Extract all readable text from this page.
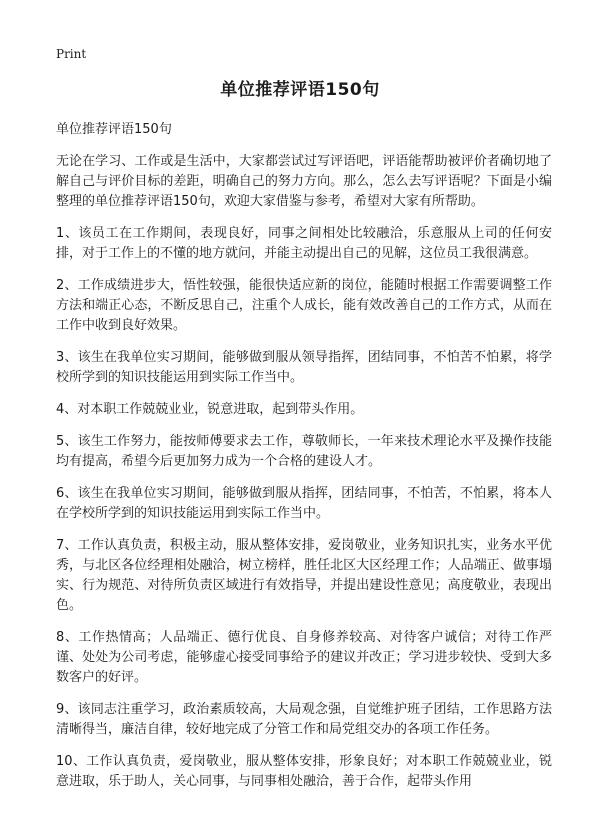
Print
单位推荐评语150句

单位推荐评语150句

无论在学习、工作或是生活中，大家都尝试过写评语吧，评语能帮助被评价者确切地了解自己与评价目标的差距，明确自己的努力方向。那么，怎么去写评语呢？下面是小编整理的单位推荐评语150句，欢迎大家借鉴与参考，希望对大家有所帮助。

1、该员工在工作期间，表现良好，同事之间相处比较融洽，乐意服从上司的任何安排，对于工作上的不懂的地方就问，并能主动提出自己的见解，这位员工我很满意。

2、工作成绩进步大，悟性较强，能很快适应新的岗位，能随时根据工作需要调整工作方法和端正心态，不断反思自己，注重个人成长，能有效改善自己的工作方式，从而在工作中收到良好效果。

3、该生在我单位实习期间，能够做到服从领导指挥，团结同事，不怕苦不怕累，将学校所学到的知识技能运用到实际工作当中。

4、对本职工作兢兢业业，锐意进取，起到带头作用。

5、该生工作努力，能按师傅要求去工作，尊敬师长，一年来技术理论水平及操作技能均有提高，希望今后更加努力成为一个合格的建设人才。

6、该生在我单位实习期间，能够做到服从指挥，团结同事，不怕苦，不怕累，将本人在学校所学到的知识技能运用到实际工作当中。

7、工作认真负责，积极主动，服从整体安排，爱岗敬业，业务知识扎实，业务水平优秀，与北区各位经理相处融洽，树立榜样，胜任北区大区经理工作；人品端正、做事塌实、行为规范、对待所负责区域进行有效指导，并提出建设性意见；高度敬业，表现出色。

8、工作热情高；人品端正、德行优良、自身修养较高、对待客户诚信；对待工作严谨、处处为公司考虑，能够虚心接受同事给予的建议并改正；学习进步较快、受到大多数客户的好评。

9、该同志注重学习，政治素质较高，大局观念强，自觉维护班子团结，工作思路方法清晰得当，廉洁自律，较好地完成了分管工作和局党组交办的各项工作任务。

10、工作认真负责，爱岗敬业，服从整体安排，形象良好；对本职工作兢兢业业，锐意进取，乐于助人，关心同事，与同事相处融洽，善于合作，起带头作用
